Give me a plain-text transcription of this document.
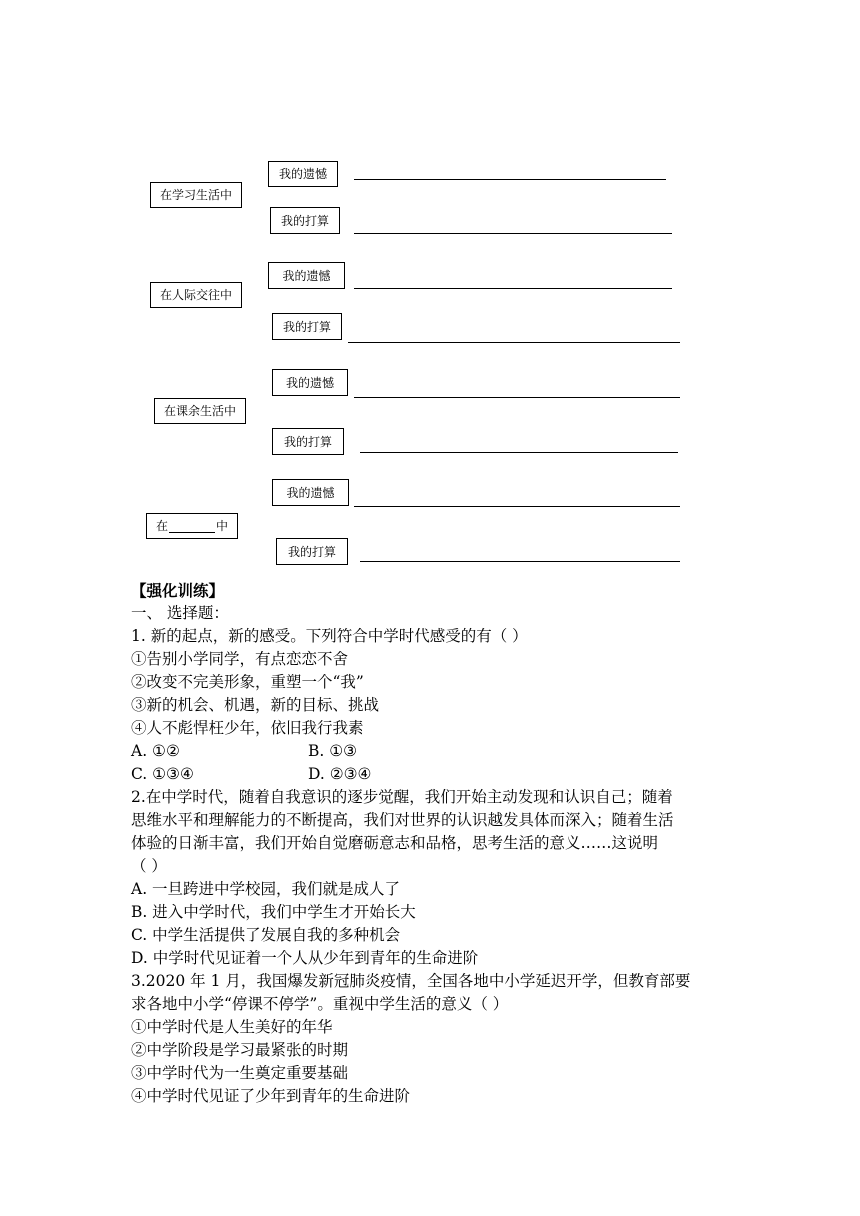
在学习生活中
我的遗憾
我的打算
在人际交往中
我的遗憾
我的打算
在课余生活中
我的遗憾
我的打算
在	中
我的遗憾
我的打算
【强化训练】
一、 选择题：
1. 新的起点，新的感受。下列符合中学时代感受的有（ ）
①告别小学同学，有点恋恋不舍
②改变不完美形象，重塑一个“我”
③新的机会、机遇，新的目标、挑战
④人不彪悍枉少年，依旧我行我素
A. ①②	B. ①③
C. ①③④	D. ②③④
2.在中学时代，随着自我意识的逐步觉醒，我们开始主动发现和认识自己；随着
思维水平和理解能力的不断提高，我们对世界的认识越发具体而深入；随着生活
体验的日渐丰富，我们开始自觉磨砺意志和品格，思考生活的意义……这说明
（ ）
A. 一旦跨进中学校园，我们就是成人了
B. 进入中学时代，我们中学生才开始长大
C. 中学生活提供了发展自我的多种机会
D. 中学时代见证着一个人从少年到青年的生命进阶
3.2020 年 1 月，我国爆发新冠肺炎疫情，全国各地中小学延迟开学，但教育部要
求各地中小学“停课不停学”。重视中学生活的意义（ ）
①中学时代是人生美好的年华
②中学阶段是学习最紧张的时期
③中学时代为一生奠定重要基础
④中学时代见证了少年到青年的生命进阶
